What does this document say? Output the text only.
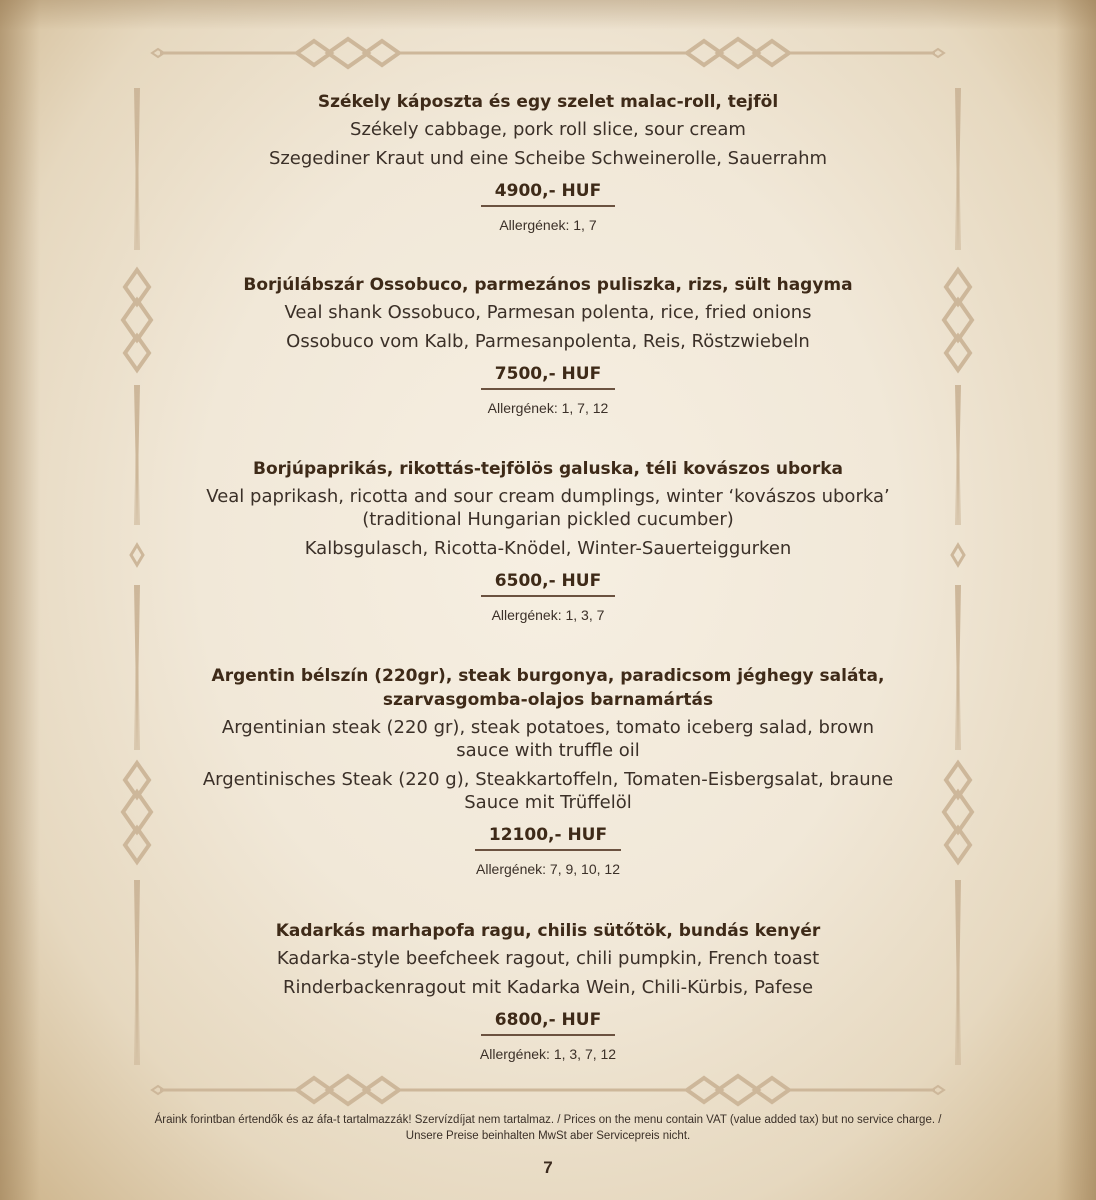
Székely káposzta és egy szelet malac-roll, tejföl
Székely cabbage, pork roll slice, sour cream
Szegediner Kraut und eine Scheibe Schweinerolle, Sauerrahm
4900,- HUF
Allergének: 1, 7
Borjúlábszár Ossobuco, parmezános puliszka, rizs, sült hagyma
Veal shank Ossobuco, Parmesan polenta, rice, fried onions
Ossobuco vom Kalb, Parmesanpolenta, Reis, Röstzwiebeln
7500,- HUF
Allergének: 1, 7, 12
Borjúpaprikás, rikottás-tejfölös galuska, téli kovászos uborka
Veal paprikash, ricotta and sour cream dumplings, winter ‘kovászos uborka’ (traditional Hungarian pickled cucumber)
Kalbsgulasch, Ricotta-Knödel, Winter-Sauerteiggurken
6500,- HUF
Allergének: 1, 3, 7
Argentin bélszín (220gr), steak burgonya, paradicsom jéghegy saláta, szarvasgomba-olajos barnamártás
Argentinian steak (220 gr), steak potatoes, tomato iceberg salad, brown sauce with truffle oil
Argentinisches Steak (220 g), Steakkartoffeln, Tomaten-Eisbergsalat, braune Sauce mit Trüffelöl
12100,- HUF
Allergének: 7, 9, 10, 12
Kadarkás marhapofa ragu, chilis sütőtök, bundás kenyér
Kadarka-style beefcheek ragout, chili pumpkin, French toast
Rinderbackenragout mit Kadarka Wein, Chili-Kürbis, Pafese
6800,- HUF
Allergének: 1, 3, 7, 12
Áraink forintban értendők és az áfa-t tartalmazzák! Szervízdíjat nem tartalmaz. / Prices on the menu contain VAT (value added tax) but no service charge. / Unsere Preise beinhalten MwSt aber Servicepreis nicht.
7
